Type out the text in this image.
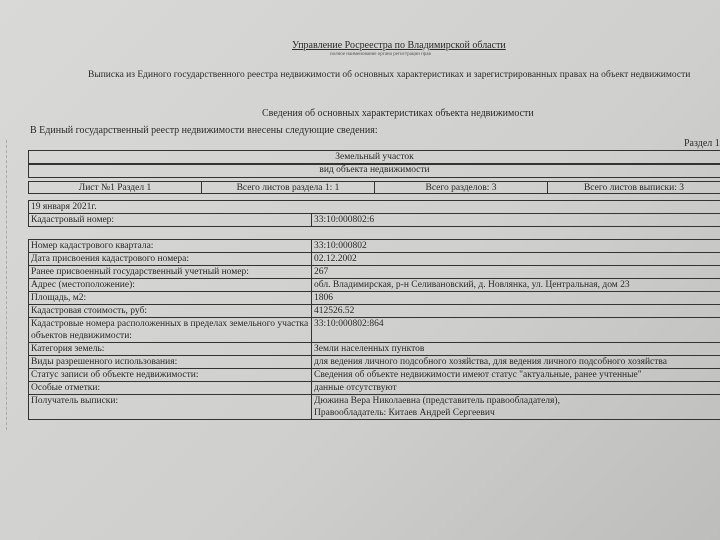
Управление Росреестра по Владимирской области
полное наименование органа регистрации прав
Выписка из Единого государственного реестра недвижимости об основных характеристиках и зарегистрированных правах на объект недвижимости
Сведения об основных характеристиках объекта недвижимости
В Единый государственный реестр недвижимости внесены следующие сведения:
Раздел 1
Земельный участок
вид объекта недвижимости
Лист №1 Раздел 1	Всего листов раздела 1: 1	Всего разделов: 3	Всего листов выписки: 3
19 января 2021г.
Кадастровый номер:	33:10:000802:6
Номер кадастрового квартала:	33:10:000802
Дата присвоения кадастрового номера:	02.12.2002
Ранее присвоенный государственный учетный номер:	267
Адрес (местоположение):	обл. Владимирская, р-н Селивановский, д. Новлянка, ул. Центральная, дом 23
Площадь, м2:	1806
Кадастровая стоимость, руб:	412526.52
Кадастровые номера расположенных в пределах земельного участка объектов недвижимости:
33:10:000802:864
Категория земель:	Земли населенных пунктов
Виды разрешенного использования:	для ведения личного подсобного хозяйства, для ведения личного подсобного хозяйства
Статус записи об объекте недвижимости:	Сведения об объекте недвижимости имеют статус "актуальные, ранее учтенные"
Особые отметки:	данные отсутствуют
Получатель выписки:	Дюжина Вера Николаевна (представитель правообладателя),
Правообладатель: Китаев Андрей Сергеевич
